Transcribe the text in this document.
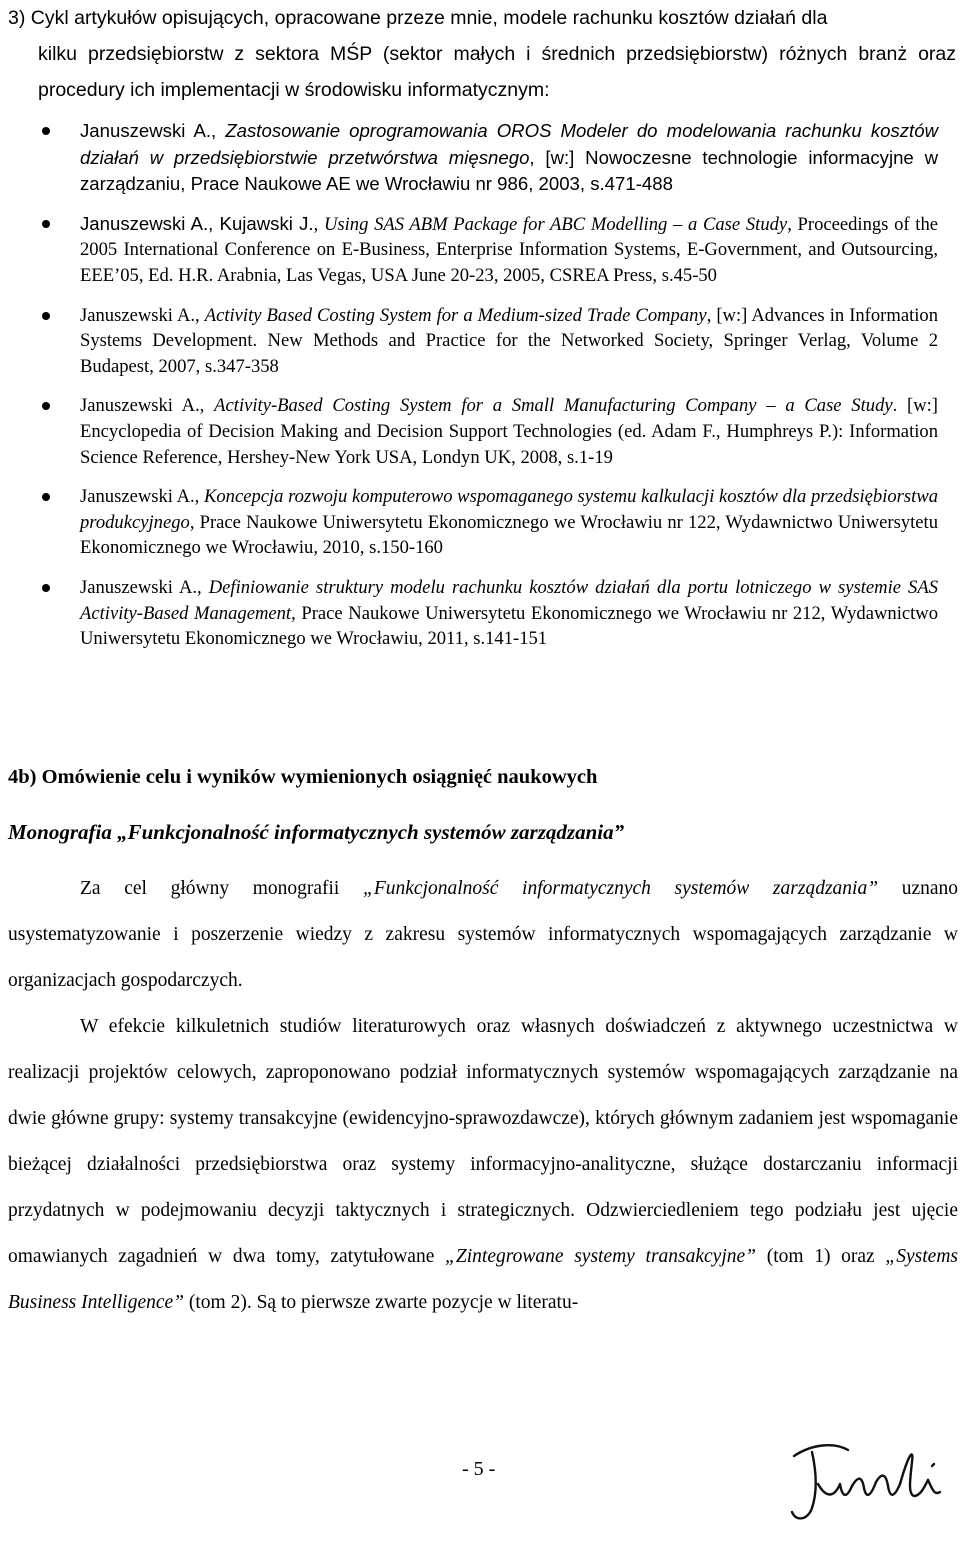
3) Cykl artykułów opisujących, opracowane przeze mnie, modele rachunku kosztów działań dla
kilku przedsiębiorstw z sektora MŚP (sektor małych i średnich przedsiębiorstw) różnych branż oraz procedury ich implementacji w środowisku informatycznym:
Januszewski A., Zastosowanie oprogramowania OROS Modeler do modelowania rachunku kosztów działań w przedsiębiorstwie przetwórstwa mięsnego, [w:] Nowoczesne technologie informacyjne w zarządzaniu, Prace Naukowe AE we Wrocławiu nr 986, 2003, s.471-488
Januszewski A., Kujawski J., Using SAS ABM Package for ABC Modelling – a Case Study, Proceedings of the 2005 International Conference on E-Business, Enterprise Information Systems, E-Government, and Outsourcing, EEE’05, Ed. H.R. Arabnia, Las Vegas, USA June 20-23, 2005, CSREA Press, s.45-50
Januszewski A., Activity Based Costing System for a Medium-sized Trade Company, [w:] Advances in Information Systems Development. New Methods and Practice for the Networked Society, Springer Verlag, Volume 2 Budapest, 2007, s.347-358
Januszewski A., Activity-Based Costing System for a Small Manufacturing Company – a Case Study. [w:] Encyclopedia of Decision Making and Decision Support Technologies (ed. Adam F., Humphreys P.): Information Science Reference, Hershey-New York USA, Londyn UK, 2008, s.1-19
Januszewski A., Koncepcja rozwoju komputerowo wspomaganego systemu kalkulacji kosztów dla przedsiębiorstwa produkcyjnego, Prace Naukowe Uniwersytetu Ekonomicznego we Wrocławiu nr 122, Wydawnictwo Uniwersytetu Ekonomicznego we Wrocławiu, 2010, s.150-160
Januszewski A., Definiowanie struktury modelu rachunku kosztów działań dla portu lotniczego w systemie SAS Activity-Based Management, Prace Naukowe Uniwersytetu Ekonomicznego we Wrocławiu nr 212, Wydawnictwo Uniwersytetu Ekonomicznego we Wrocławiu, 2011, s.141-151
4b) Omówienie celu i wyników wymienionych osiągnięć naukowych
Monografia „Funkcjonalność informatycznych systemów zarządzania”

Za cel główny monografii „Funkcjonalność informatycznych systemów zarządzania” uznano usystematyzowanie i poszerzenie wiedzy z zakresu systemów informatycznych wspomagających zarządzanie w organizacjach gospodarczych.

W efekcie kilkuletnich studiów literaturowych oraz własnych doświadczeń z aktywnego uczestnictwa w realizacji projektów celowych, zaproponowano podział informatycznych systemów wspomagających zarządzanie na dwie główne grupy: systemy transakcyjne (ewidencyjno-sprawozdawcze), których głównym zadaniem jest wspomaganie bieżącej działalności przedsiębiorstwa oraz systemy informacyjno-analityczne, służące dostarczaniu informacji przydatnych w podejmowaniu decyzji taktycznych i strategicznych. Odzwierciedleniem tego podziału jest ujęcie omawianych zagadnień w dwa tomy, zatytułowane „Zintegrowane systemy transakcyjne” (tom 1) oraz „Systems Business Intelligence” (tom 2). Są to pierwsze zwarte pozycje w literatu-

- 5 -
